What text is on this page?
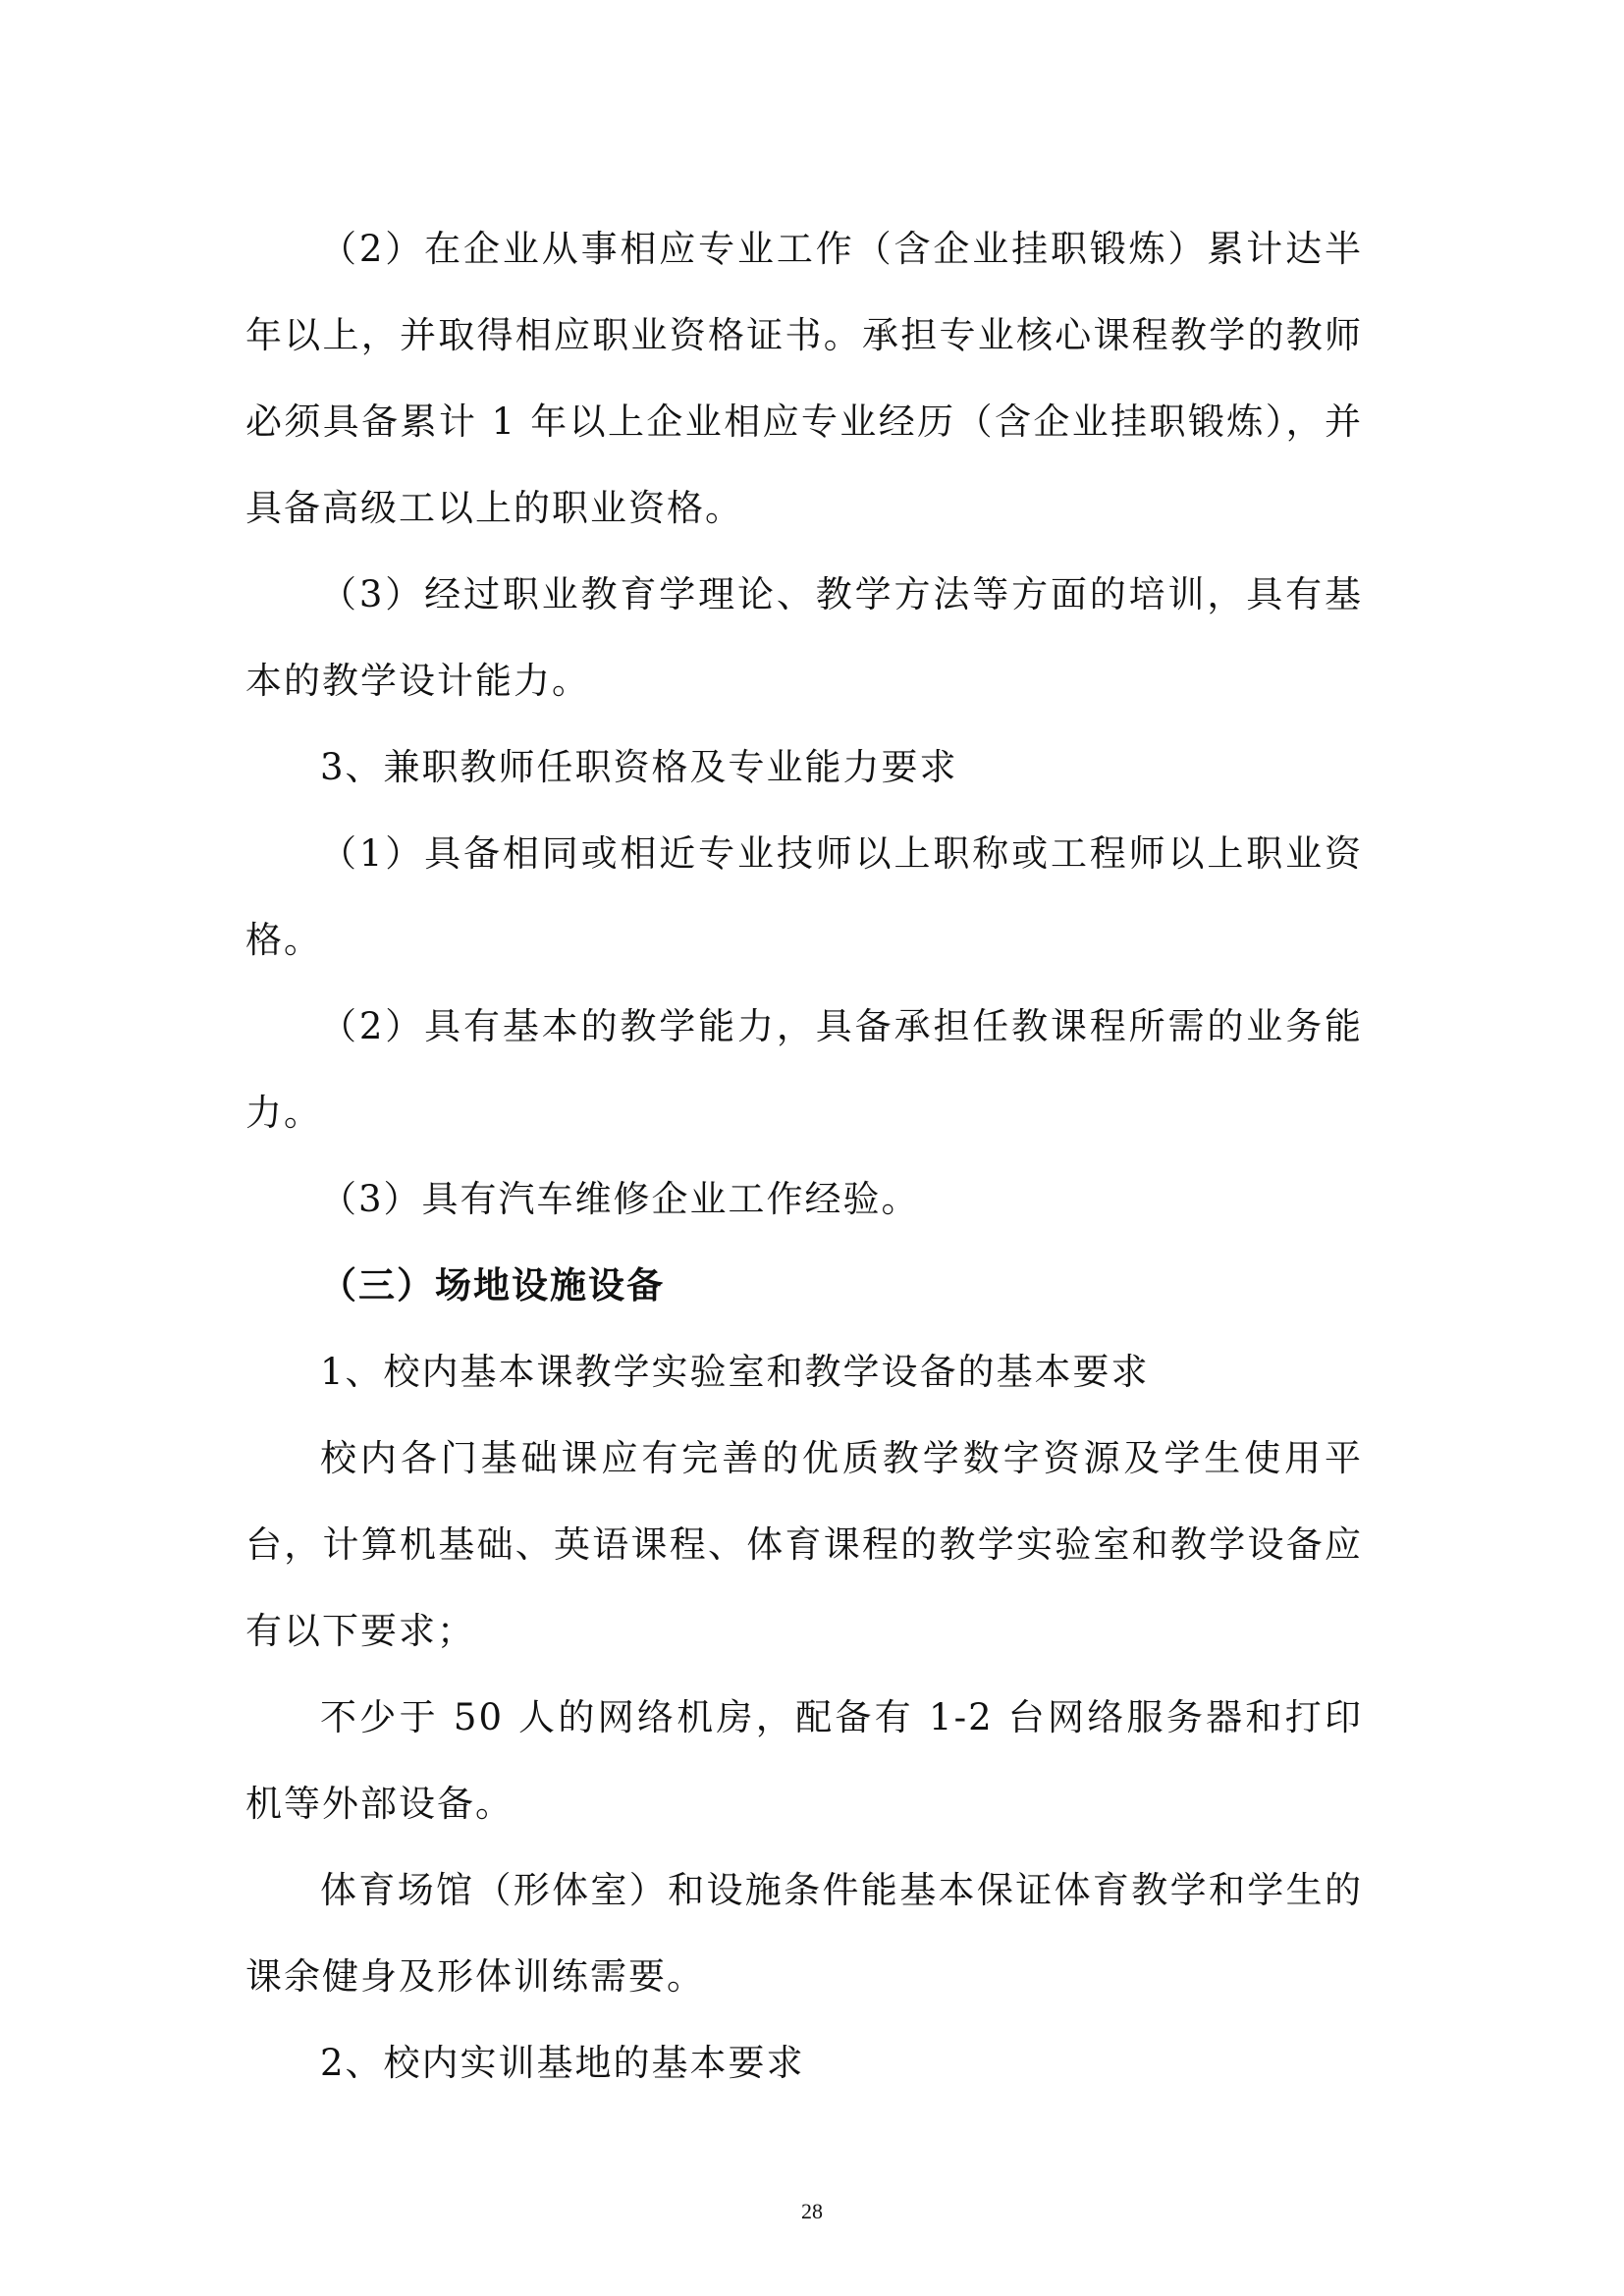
（2）在企业从事相应专业工作（含企业挂职锻炼）累计达半年以上，并取得相应职业资格证书。承担专业核心课程教学的教师必须具备累计 1 年以上企业相应专业经历（含企业挂职锻炼），并具备高级工以上的职业资格。

（3）经过职业教育学理论、教学方法等方面的培训，具有基本的教学设计能力。

3、兼职教师任职资格及专业能力要求

（1）具备相同或相近专业技师以上职称或工程师以上职业资格。

（2）具有基本的教学能力，具备承担任教课程所需的业务能力。

（3）具有汽车维修企业工作经验。

（三）场地设施设备

1、校内基本课教学实验室和教学设备的基本要求

校内各门基础课应有完善的优质教学数字资源及学生使用平台，计算机基础、英语课程、体育课程的教学实验室和教学设备应有以下要求；

不少于 50 人的网络机房，配备有 1-2 台网络服务器和打印机等外部设备。

体育场馆（形体室）和设施条件能基本保证体育教学和学生的课余健身及形体训练需要。

2、校内实训基地的基本要求

28
